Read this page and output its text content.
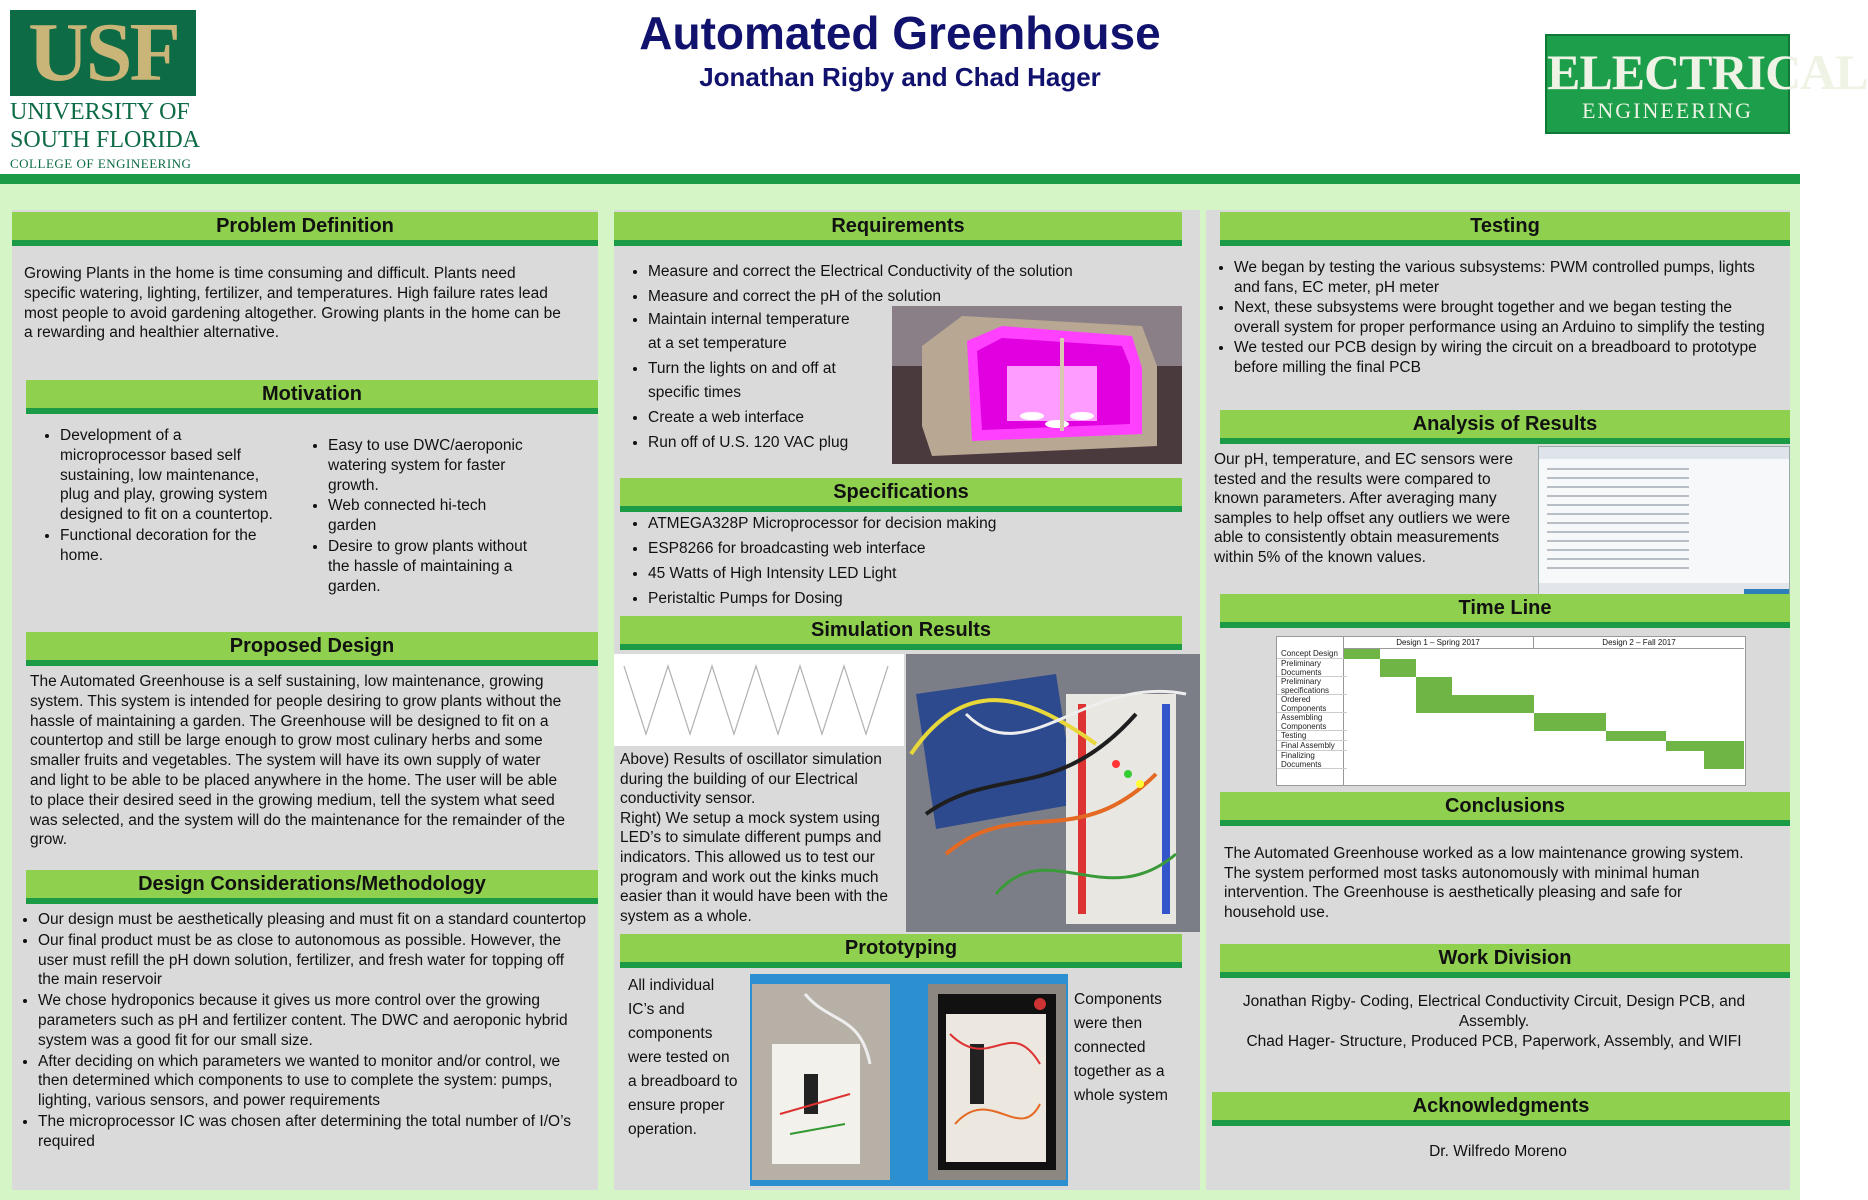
USF
UNIVERSITY OF
SOUTH FLORIDA
COLLEGE OF ENGINEERING
Automated Greenhouse
Jonathan Rigby and Chad Hager	ELECTRICAL
ENGINEERING
Problem Definition
Growing Plants in the home is time consuming and difficult. Plants need specific watering, lighting, fertilizer, and temperatures. High failure rates lead most people to avoid gardening altogether. Growing plants in the home can be a rewarding and healthier alternative.
Motivation
• Development of a microprocessor based self sustaining, low maintenance, plug and play, growing system designed to fit on a countertop.
• Functional decoration for the home.
• Easy to use DWC/aeroponic watering system for faster growth.
• Web connected hi-tech garden
• Desire to grow plants without the hassle of maintaining a garden.
Proposed Design
The Automated Greenhouse is a self sustaining, low maintenance, growing system. This system is intended for people desiring to grow plants without the hassle of maintaining a garden. The Greenhouse will be designed to fit on a countertop and still be large enough to grow most culinary herbs and some smaller fruits and vegetables. The system will have its own supply of water and light to be able to be placed anywhere in the home. The user will be able to place their desired seed in the growing medium, tell the system what seed was selected, and the system will do the maintenance for the remainder of the grow.
Design Considerations/Methodology
• Our design must be aesthetically pleasing and must fit on a standard countertop
• Our final product must be as close to autonomous as possible. However, the user must refill the pH down solution, fertilizer, and fresh water for topping off the main reservoir
• We chose hydroponics because it gives us more control over the growing parameters such as pH and fertilizer content. The DWC and aeroponic hybrid system was a good fit for our small size.
• After deciding on which parameters we wanted to monitor and/or control, we then determined which components to use to complete the system: pumps, lighting, various sensors, and power requirements
• The microprocessor IC was chosen after determining the total number of I/O’s required
Requirements
• Measure and correct the Electrical Conductivity of the solution
• Measure and correct the pH of the solution
• Maintain internal temperature at a set temperature
• Turn the lights on and off at specific times
• Create a web interface
• Run off of U.S. 120 VAC plug
Specifications
• ATMEGA328P Microprocessor for decision making
• ESP8266 for broadcasting web interface
• 45 Watts of High Intensity LED Light
• Peristaltic Pumps for Dosing
Simulation Results
Above) Results of oscillator simulation during the building of our Electrical conductivity sensor.
Right) We setup a mock system using LED’s to simulate different pumps and indicators. This allowed us to test our program and work out the kinks much easier than it would have been with the system as a whole.
Prototyping
All individual IC’s and components were tested on a breadboard to ensure proper operation.
Components were then connected together as a whole system
Testing
• We began by testing the various subsystems: PWM controlled pumps, lights and fans, EC meter, pH meter
• Next, these subsystems were brought together and we began testing the overall system for proper performance using an Arduino to simplify the testing
• We tested our PCB design by wiring the circuit on a breadboard to prototype before milling the final PCB
Analysis of Results
Our pH, temperature, and EC sensors were tested and the results were compared to known parameters. After averaging many samples to help offset any outliers we were able to consistently obtain measurements within 5% of the known values.
Time Line
Design 1 – Spring 2017	Design 2 – Fall 2017
Concept Design
Preliminary Documents
Preliminary specifications
Ordered Components
Assembling Components
Testing
Final Assembly
Finalizing Documents
Conclusions
The Automated Greenhouse worked as a low maintenance growing system. The system performed most tasks autonomously with minimal human intervention. The Greenhouse is aesthetically pleasing and safe for household use.
Work Division
Jonathan Rigby- Coding, Electrical Conductivity Circuit, Design PCB, and Assembly.
Chad Hager- Structure, Produced PCB, Paperwork, Assembly, and WIFI
Acknowledgments
Dr. Wilfredo Moreno
